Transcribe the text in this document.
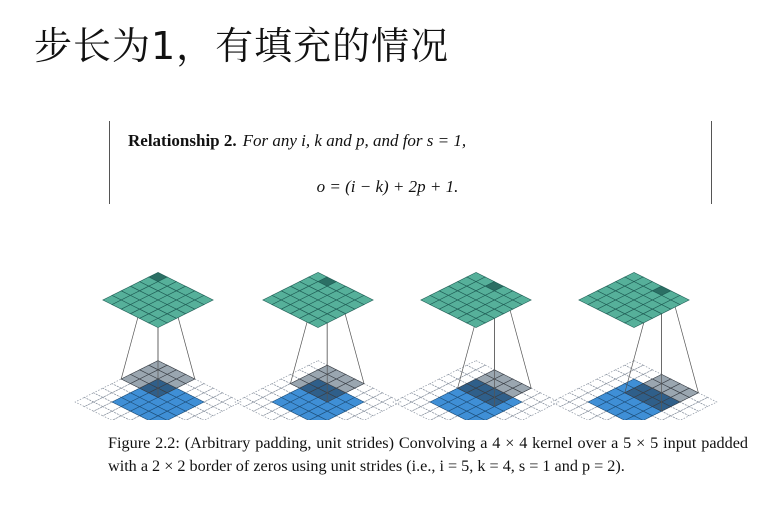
步长为1，有填充的情况
Relationship 2. For any i, k and p, and for s = 1,
o = (i − k) + 2p + 1.
Figure 2.2: (Arbitrary padding, unit strides) Convolving a 4 × 4 kernel over a 5 × 5 input padded with a 2 × 2 border of zeros using unit strides (i.e., i = 5, k = 4, s = 1 and p = 2).
